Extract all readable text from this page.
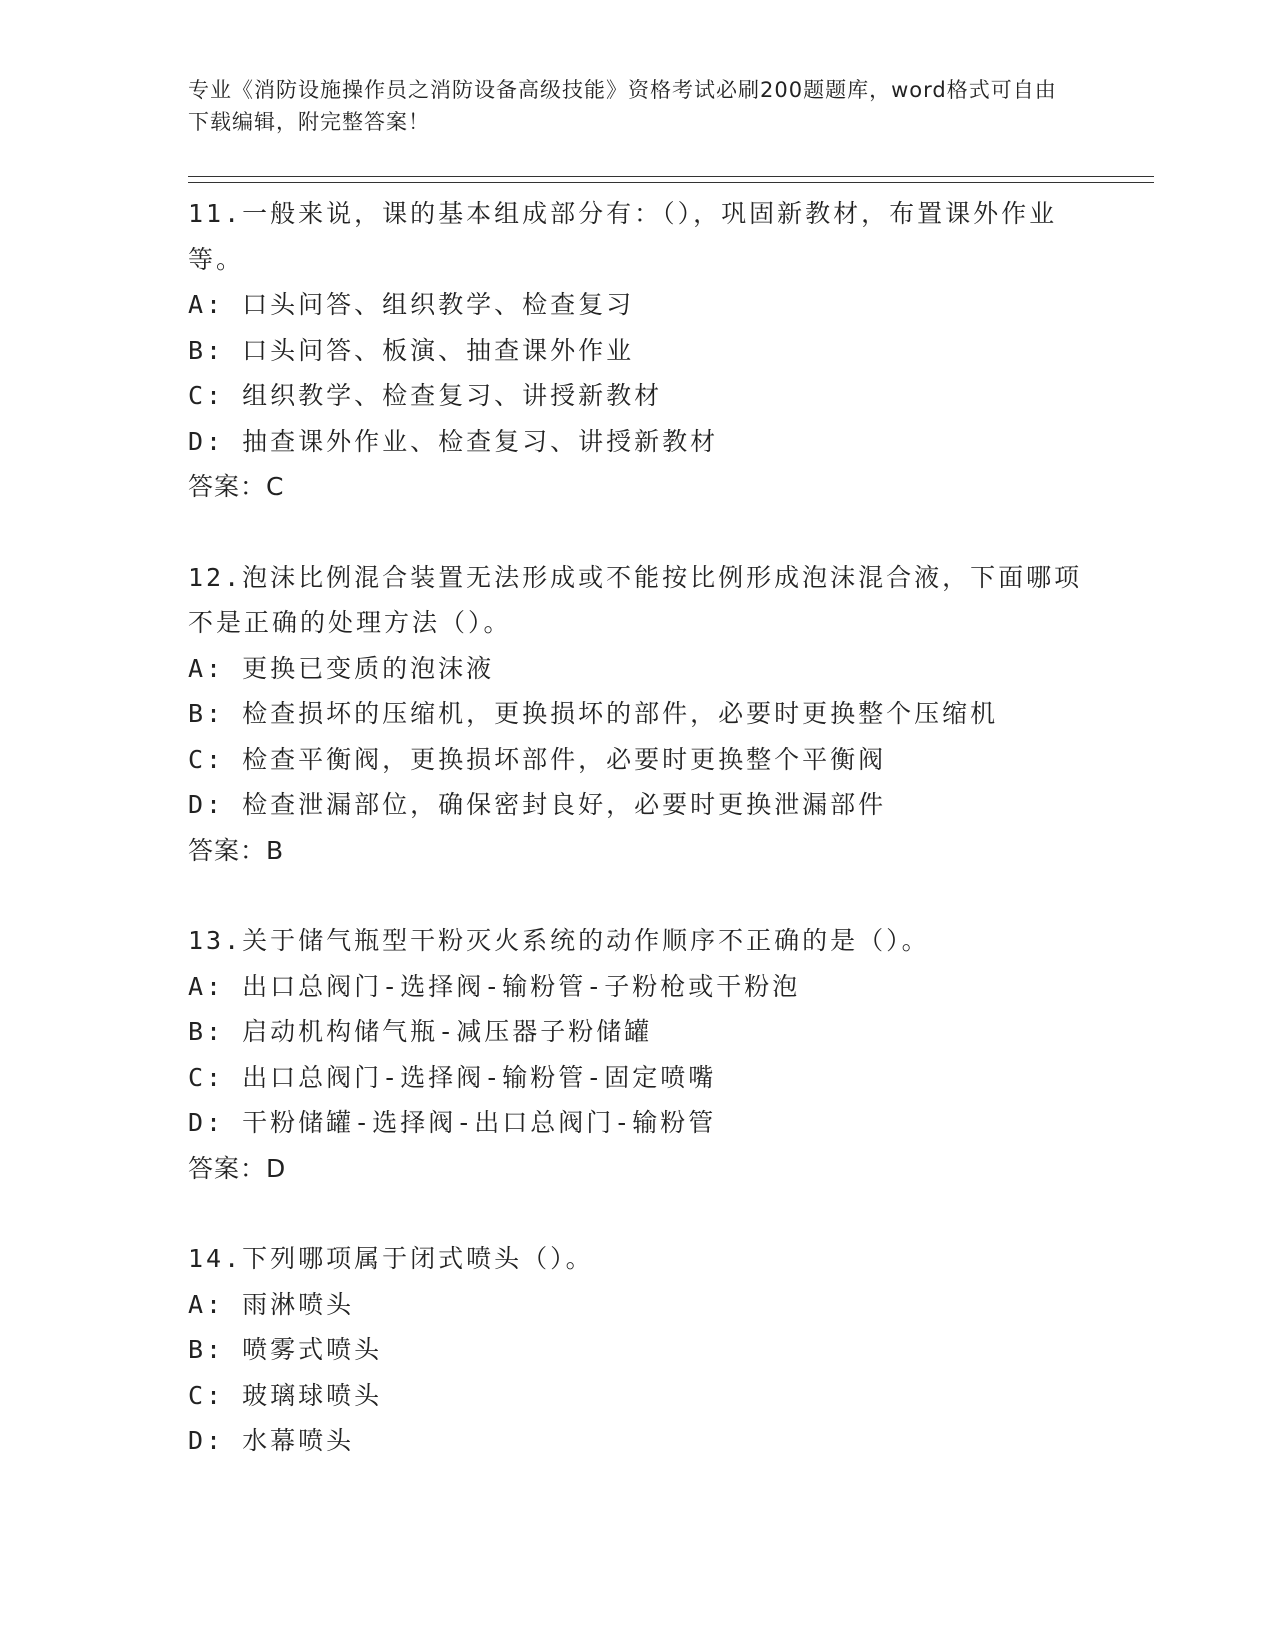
专业《消防设施操作员之消防设备高级技能》资格考试必刷200题题库，word格式可自由下载编辑，附完整答案！
11.一般来说，课的基本组成部分有：（），巩固新教材，布置课外作业等。
A: 口头问答、组织教学、检查复习
B: 口头问答、板演、抽查课外作业
C: 组织教学、检查复习、讲授新教材
D: 抽查课外作业、检查复习、讲授新教材
答案：C
12.泡沫比例混合装置无法形成或不能按比例形成泡沫混合液，下面哪项不是正确的处理方法（）。
A: 更换已变质的泡沫液
B: 检查损坏的压缩机，更换损坏的部件，必要时更换整个压缩机
C: 检查平衡阀，更换损坏部件，必要时更换整个平衡阀
D: 检查泄漏部位，确保密封良好，必要时更换泄漏部件
答案：B
13.关于储气瓶型干粉灭火系统的动作顺序不正确的是（）。
A: 出口总阀门-选择阀-输粉管-子粉枪或干粉泡
B: 启动机构储气瓶-减压器子粉储罐
C: 出口总阀门-选择阀-输粉管-固定喷嘴
D: 干粉储罐-选择阀-出口总阀门-输粉管
答案：D
14.下列哪项属于闭式喷头（）。
A: 雨淋喷头
B: 喷雾式喷头
C: 玻璃球喷头
D: 水幕喷头
